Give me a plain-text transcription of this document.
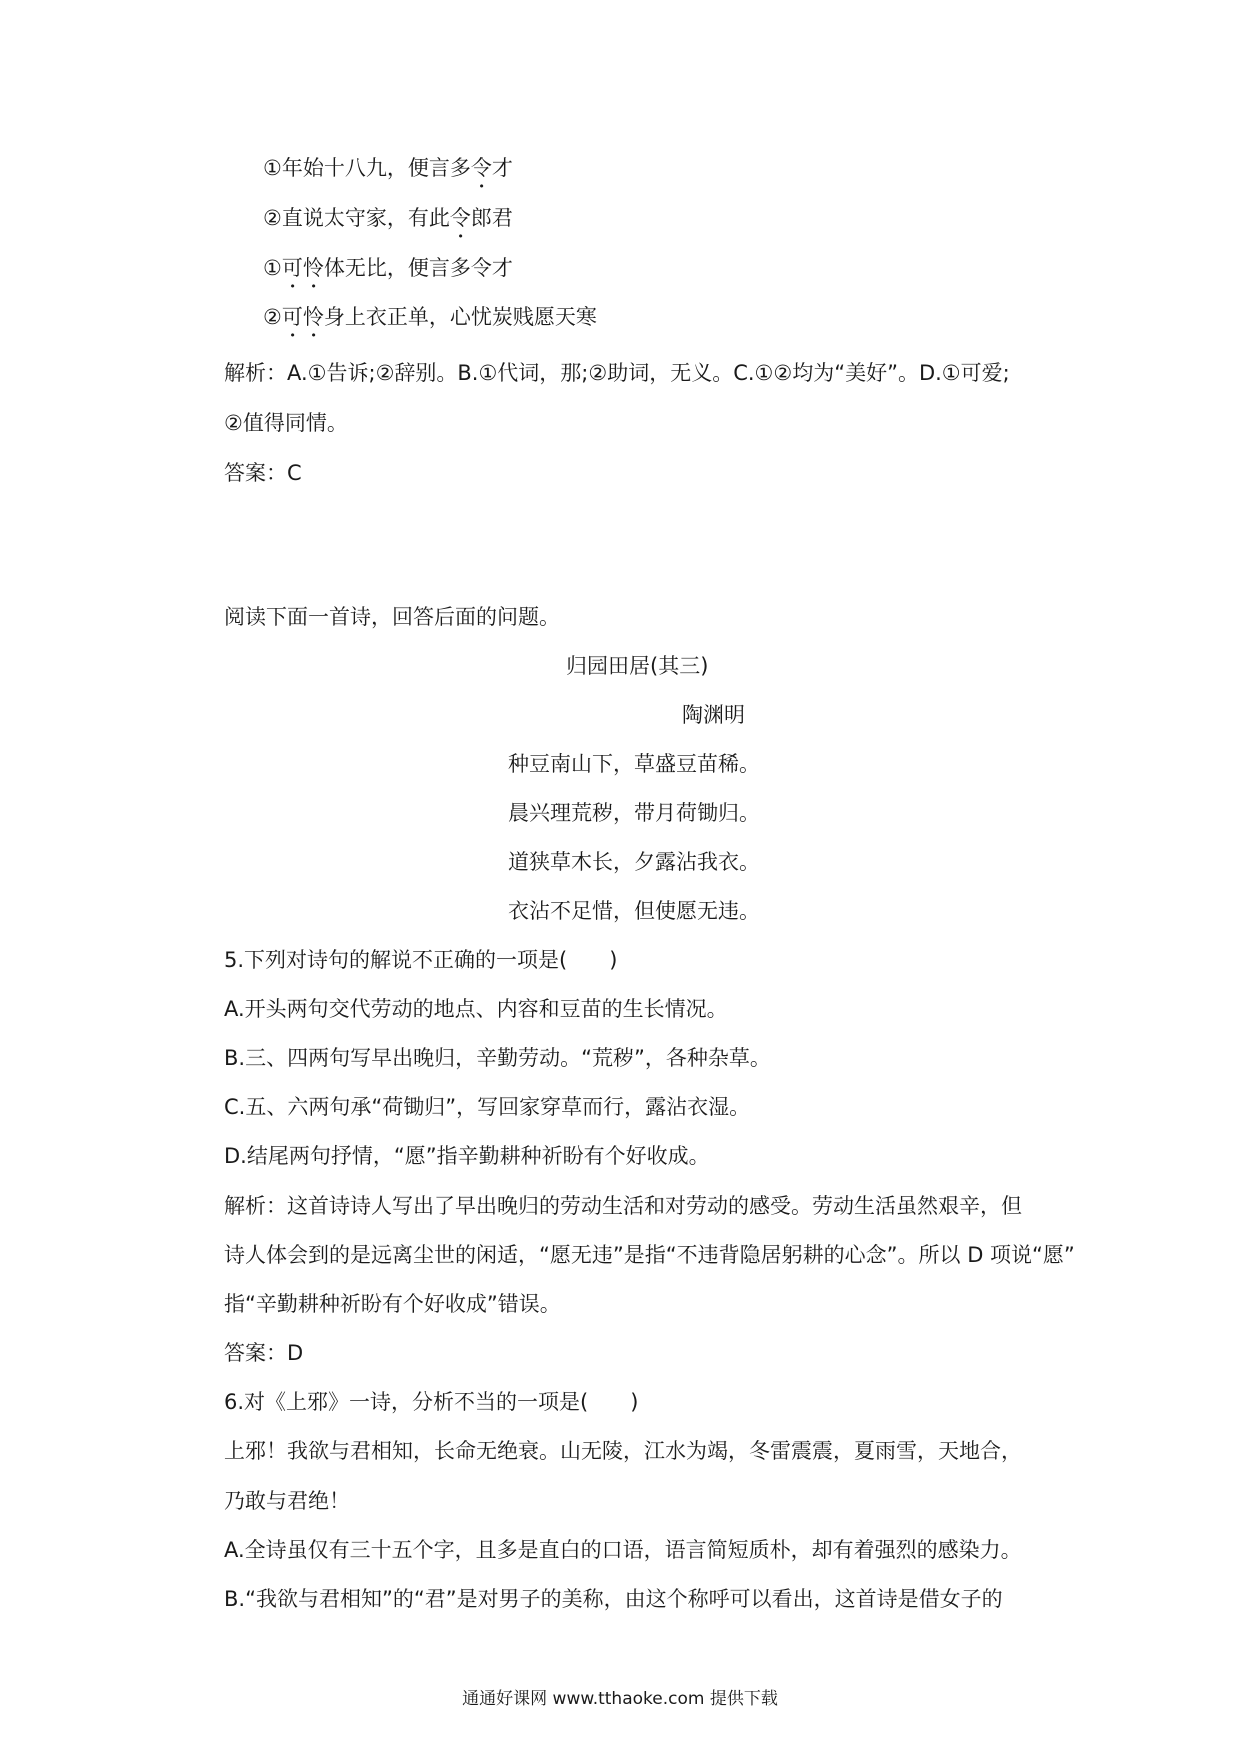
①年始十八九，便言多令才
②直说太守家，有此令郎君
①可怜体无比，便言多令才
②可怜身上衣正单，心忧炭贱愿天寒
解析：A.①告诉;②辞别。B.①代词，那;②助词，无义。C.①②均为“美好”。D.①可爱;
②值得同情。
答案：C
阅读下面一首诗，回答后面的问题。
归园田居(其三)
陶渊明
种豆南山下，草盛豆苗稀。
晨兴理荒秽，带月荷锄归。
道狭草木长，夕露沾我衣。
衣沾不足惜，但使愿无违。
5.下列对诗句的解说不正确的一项是(　　)
A.开头两句交代劳动的地点、内容和豆苗的生长情况。
B.三、四两句写早出晚归，辛勤劳动。“荒秽”，各种杂草。
C.五、六两句承“荷锄归”，写回家穿草而行，露沾衣湿。
D.结尾两句抒情，“愿”指辛勤耕种祈盼有个好收成。
解析：这首诗诗人写出了早出晚归的劳动生活和对劳动的感受。劳动生活虽然艰辛，但
诗人体会到的是远离尘世的闲适，“愿无违”是指“不违背隐居躬耕的心念”。所以 D 项说“愿”
指“辛勤耕种祈盼有个好收成”错误。
答案：D
6.对《上邪》一诗，分析不当的一项是(　　)
上邪！我欲与君相知，长命无绝衰。山无陵，江水为竭，冬雷震震，夏雨雪，天地合，
乃敢与君绝！
A.全诗虽仅有三十五个字，且多是直白的口语，语言简短质朴，却有着强烈的感染力。
B.“我欲与君相知”的“君”是对男子的美称，由这个称呼可以看出，这首诗是借女子的
通通好课网 www.tthaoke.com 提供下载
